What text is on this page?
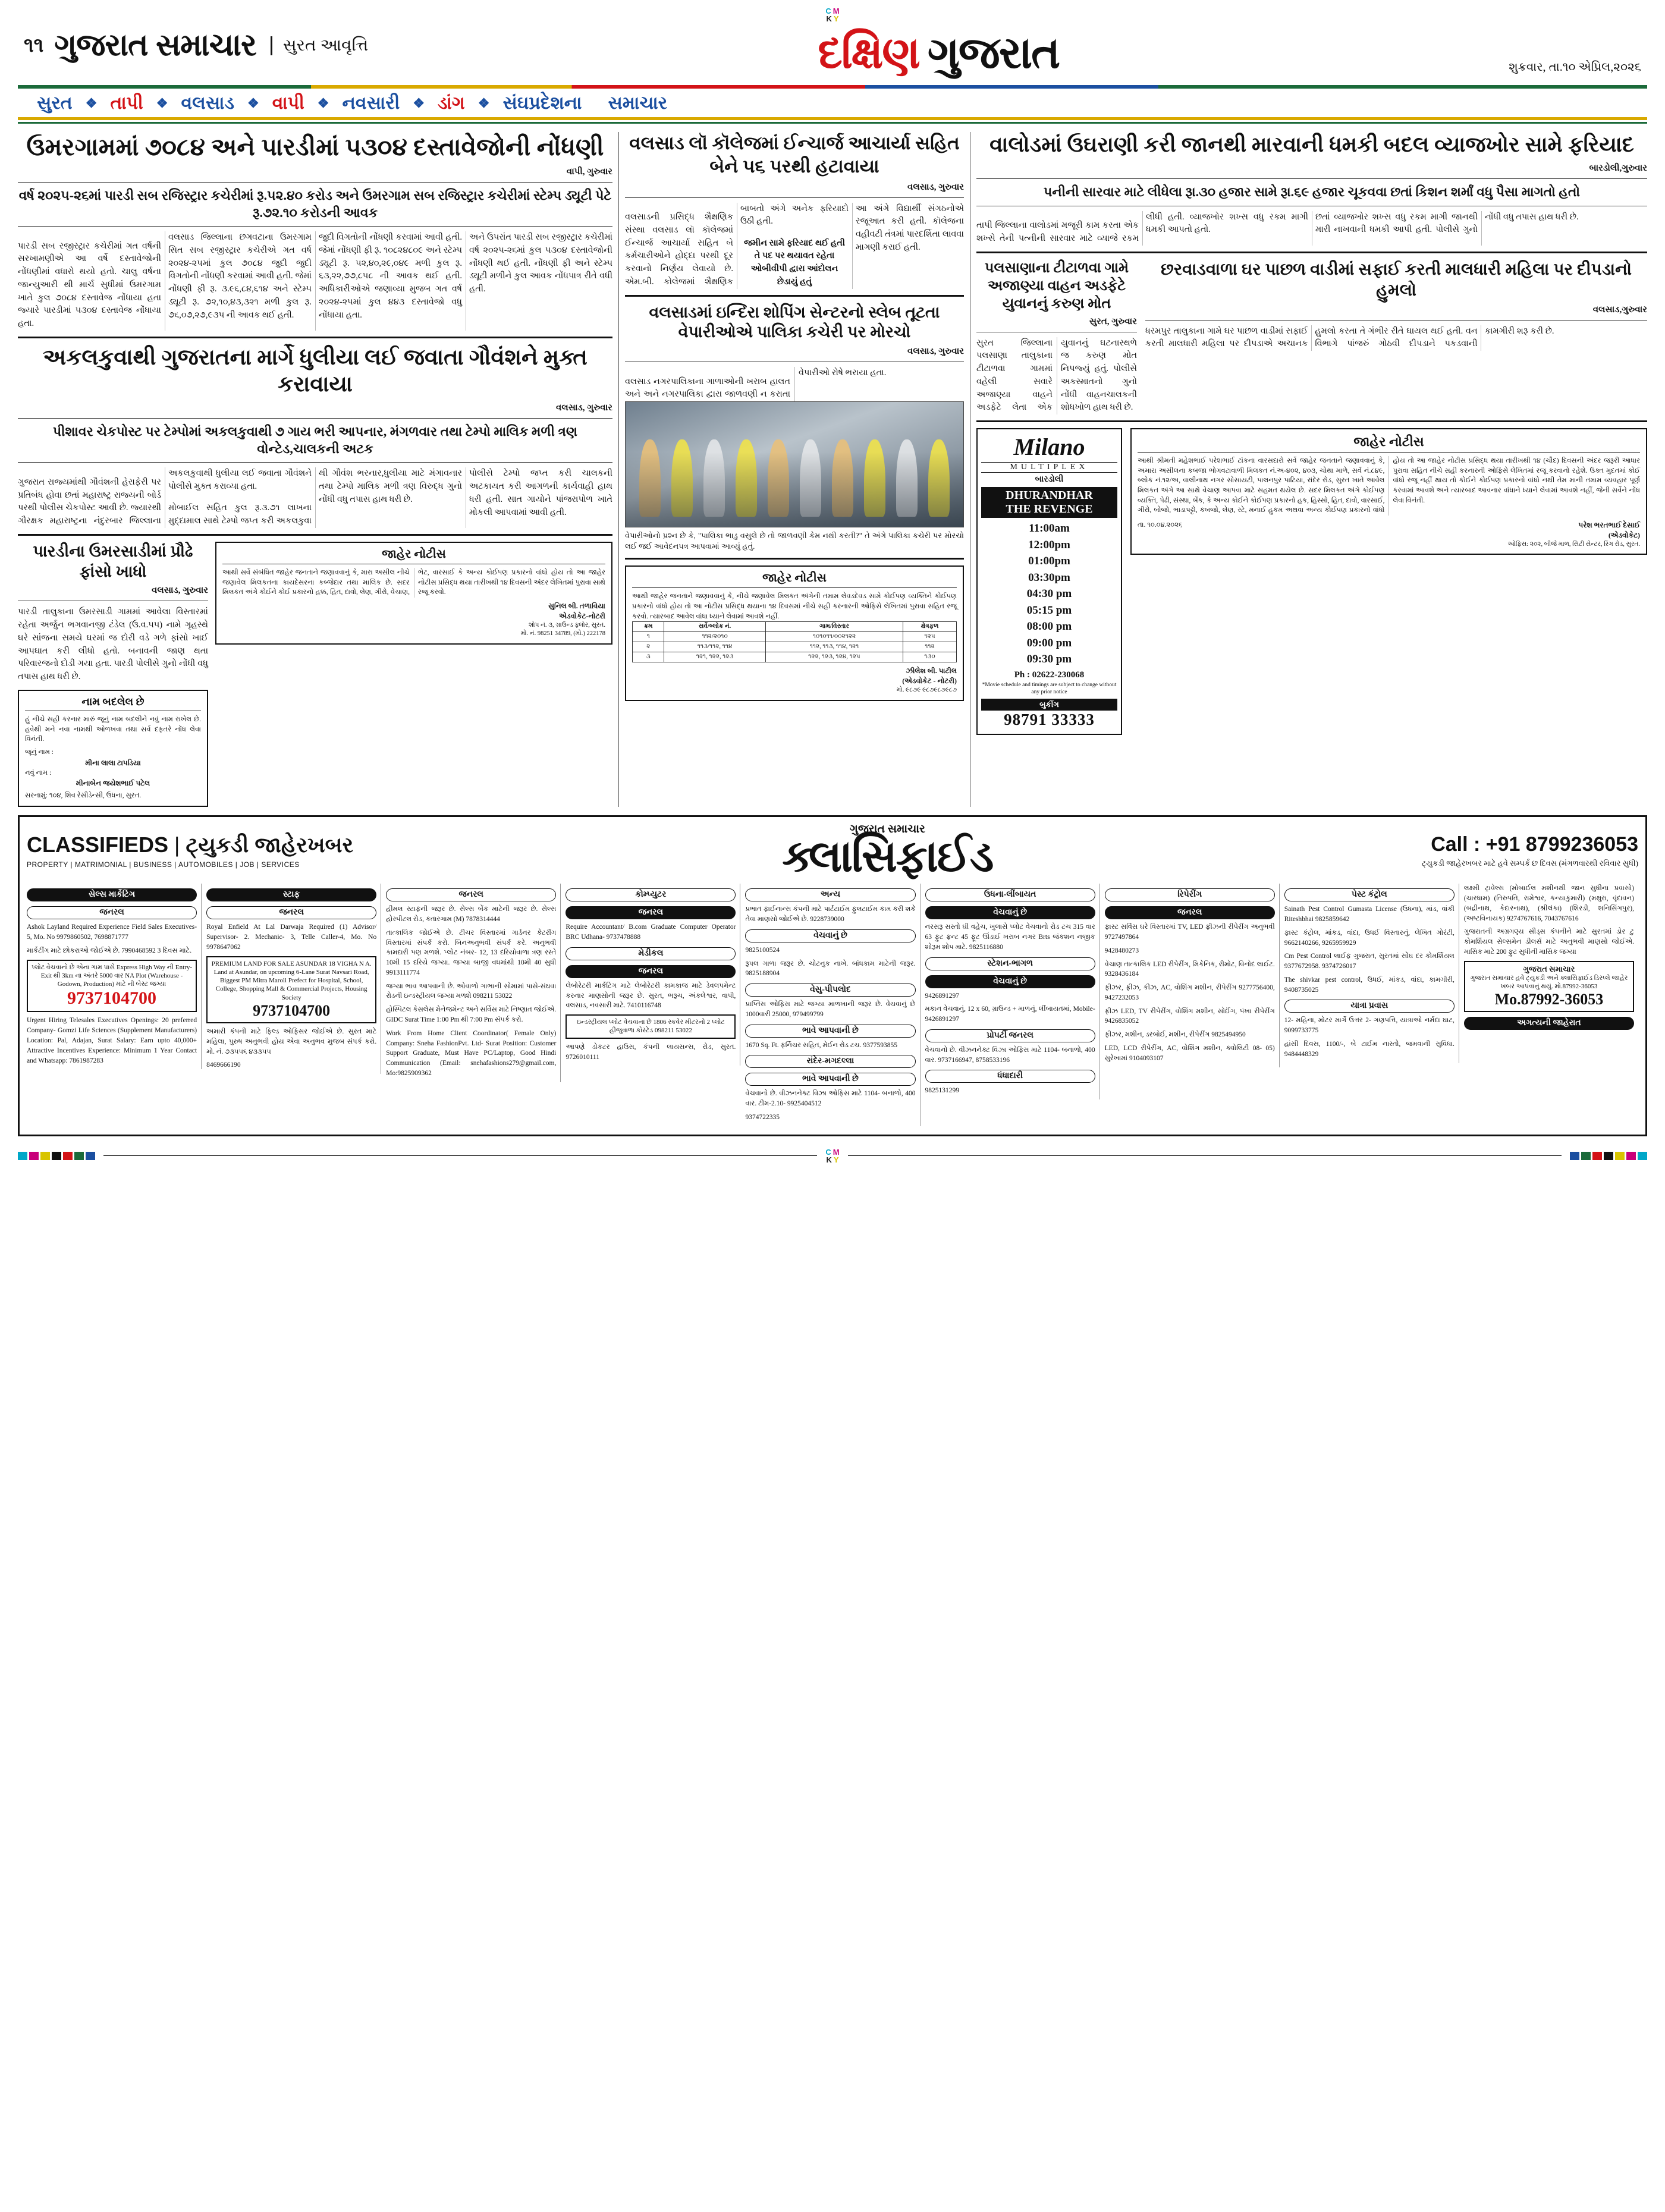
C M
K Y
૧૧ ગુજરાત સમાચાર	સુરત આવૃત્તિ	દક્ષિણ ગુજરાત	શુક્રવાર, તા.૧૦ એપ્રિલ,૨૦૨૬
સુરત	❖ તાપી	❖ વલસાડ	❖ વાપી	❖ નવસારી	❖ ડાંગ	❖ સંઘપ્રદેશના	સમાચાર
ઉમરગામમાં ૭૦૮૪ અને પારડીમાં ૫૩૦૪ દસ્તાવેજોની નોંધણી
વાપી, ગુરુવાર
વર્ષ ૨૦૨૫-૨૬માં પારડી સબ રજિસ્ટ્રાર કચેરીમાં રૂ.૫૨.૪૦ કરોડ અને ઉમરગામ સબ રજિસ્ટ્રાર કચેરીમાં સ્ટેમ્પ ડ્યૂટી પેટે રૂ.૭૨.૧૦ કરોડની આવક

પારડી સબ રજીસ્ટ્રાર કચેરીમાં ગત વર્ષની સરખામણીએ આ વર્ષે દસ્તાવેજોની નોંધણીમાં વધારો થયો હતો. ચાલુ વર્ષના જાન્યુઆરી થી માર્ચ સુધીમાં ઉમરગામ ખાતે કુલ ૭૦૮૪ દસ્તાવેજ નોંધાયા હતા જ્યારે પારડીમાં ૫૩૦૪ દસ્તાવેજ નોંધાયા હતા.

વલસાડ જિલ્લાના છગવટાના ઉમરગામ સિત સબ રજીસ્ટ્રાર કચેરીએ ગત વર્ષ ૨૦૨૪-૨૫માં કુલ ૭૦૮૪ જુદી જુદી વિગતોની નોંધણી કરવામાં આવી હતી. જેમાં નોંધણી ફી રૂ. ૩.૯૬,૮૪,૬૧૪ અને સ્ટેમ્પ ડ્યૂટી રૂ. ૭૨,૧૦,૪૩,૩૨૧ મળી કુલ રૂ. ૭૬,૦૭,૨૭,૯૩૫ ની આવક થઈ હતી.

જુદી વિગતોની નોંધણી કરવામાં આવી હતી. જેમાં નોંધણી ફી રૂ. ૧૦૮૨૪૮૦૯ અને સ્ટેમ્પ ડ્યૂટી રૂ. ૫૨,૪૦,૨૯,૦૪૯ મળી કુલ રૂ. ૬૩,૨૨,૭૭,૮૫૮ ની આવક થઈ હતી. અધિકારીઓએ જણાવ્યા મુજબ ગત વર્ષ ૨૦૨૪-૨૫માં કુલ ૪૪૩ દસ્તાવેજો વધુ નોંધાયા હતા.

અને ઉપરાંત પારડી સબ રજીસ્ટ્રાર કચેરીમાં વર્ષ ૨૦૨૫-૨૬માં કુલ ૫૩૦૪ દસ્તાવેજોની નોંધણી થઈ હતી. નોંધણી ફી અને સ્ટેમ્પ ડ્યૂટી મળીને કુલ આવક નોંધપાત્ર રીતે વધી હતી.

અકલકુવાથી ગુજરાતના માર્ગે ધુલીયા લઈ જવાતા ગૌવંશને મુક્ત કરાવાયા
વલસાડ, ગુરુવાર
પીશાવર ચેકપોસ્ટ પર ટેમ્પોમાં અકલકુવાથી ૭ ગાય ભરી આપનાર, મંગળવાર તથા ટેમ્પો માલિક મળી ત્રણ વોન્ટેડ,ચાલકની અટક

ગુજરાત રાજ્યમાંથી ગૌવંશની હેરાફેરી પર પ્રતિબંધ હોવા છતાં મહારાષ્ટ્ર રાજ્યની બોર્ડ પરથી પોલીસ ચેકપોસ્ટ આવી છે. જ્યારથી ગૌરક્ષક મહારાષ્ટ્રના નંદુરબાર જિલ્લાના અકલકુવાથી ધુલીયા લઈ જવાતા ગૌવંશને પોલીસે મુક્ત કરાવ્યા હતા.

મોબાઈલ સહિત કુલ રૂ.૩.૭૧ લાખના મુદ્દામાલ સાથે ટેમ્પો જપ્ત કરી અકલકુવા થી ગૌવંશ ભરનાર,ધુલીયા માટે મંગાવનાર તથા ટેમ્પો માલિક મળી ત્રણ વિરુદ્ધ ગુનો નોંધી વધુ તપાસ હાથ ધરી છે.

પોલીસે ટેમ્પો જપ્ત કરી ચાલકની અટકાયત કરી આગળની કાર્યવાહી હાથ ધરી હતી. સાત ગાયોને પાંજરાપોળ ખાતે મોકલી આપવામાં આવી હતી.

પારડીના ઉમરસાડીમાં પ્રૌઢે ફાંસો ખાધો
વલસાડ, ગુરુવાર
પારડી તાલુકાના ઉમરસાડી ગામમાં આવેલા વિસ્તારમાં રહેતા અર્જુન ભગવાનજી ટંડેલ (ઉ.વ.૫૫) નામે ગૃહસ્થે ઘરે સાંજના સમયે ઘરમાં જ દોરી વડે ગળે ફાંસો ખાઈ આપઘાત કરી લીધો હતો. બનાવની જાણ થતા પરિવારજનો દોડી ગયા હતા. પારડી પોલીસે ગુનો નોંધી વધુ તપાસ હાથ ધરી છે.
નામ બદલેલ છે
હું નીચે સહી કરનાર મારું જૂનું નામ બદલીને નવું નામ રાખેલ છે. હવેથી મને નવા નામથી ઓળખવા તથા સર્વ દફતરે નોંધ લેવા વિનંતી.
જૂનું નામ :
મીના લાલા ટાપડિયા
નવું નામ :
મીનાબેન જયેશભાઈ પટેલ
સરનામું: ૧૦૪, શિવ રેસીડેન્સી, ઉધના, સુરત.
જાહેર નોટીસ
આથી સર્વે સંબંધિત જાહેર જનતાને જણાવવાનું કે, મારા અસીલ નીચે જણાવેલ મિલકતના કાયદેસરના કબ્જેદાર તથા માલિક છે. સદર મિલકત અંગે કોઈને કોઈ પ્રકારનો હક્ક, હિત, દાવો, લેણ, ગીરો, વેચાણ, ભેટ, વારસાઈ કે અન્ય કોઈપણ પ્રકારનો વાંધો હોય તો આ જાહેર નોટીસ પ્રસિદ્ધ થયા તારીખથી ૧૪ દિવસની અંદર લેખિતમાં પુરાવા સાથે રજૂ કરવો.
સુનિલ બી. તળાવિયા
એડવોકેટ-નોટરી
શોપ નં. ૩, ગ્રાઉન્ડ ફ્લોર, સુરત.
મો. નં. 98251 34789, (મો.) 222178
વલસાડ લૉ કૉલેજમાં ઈન્ચાર્જ આચાર્યા સહિત બેને ૫૬ પરથી હટાવાયા
વલસાડ, ગુરુવાર

વલસાડની પ્રસિદ્ધ શૈક્ષણિક સંસ્થા વલસાડ લૉ કૉલેજમાં ઈન્ચાર્જ આચાર્યા સહિત બે કર્મચારીઓને હોદ્દા પરથી દૂર કરવાનો નિર્ણય લેવાયો છે. એમ.બી. કોલેજમાં શૈક્ષણિક બાબતો અંગે અનેક ફરિયાદો ઉઠી હતી.

જમીન સામે ફરિયાદ થઈ હતી તે પદ પર થયાવત રહેતા ઓબીવીપી દ્વારા આંદોલન છેડાયું હતું

આ અંગે વિદ્યાર્થી સંગઠનોએ રજૂઆત કરી હતી. કૉલેજના વહીવટી તંત્રમાં પારદર્શિતા લાવવા માગણી કરાઈ હતી.

વલસાડમાં ઇન્દિરા શોપિંગ સેન્ટરનો સ્લેબ તૂટતા વેપારીઓએ પાલિકા કચેરી પર મોરચો
વલસાડ, ગુરુવાર

વલસાડ નગરપાલિકાના ગાળાઓની ખરાબ હાલત અને અને નગરપાલિકા દ્વારા જાળવણી ન કરાતા વેપારીઓ રોષે ભરાયા હતા.

વેપારીઓનો પ્રશ્ન છે કે, "પાલિકા ભાડુ વસુલે છે તો જાળવણી કેમ નથી કરતી?" તે અંગે પાલિકા કચેરી પર મોરચો લઈ જઈ આવેદનપત્ર આપવામાં આવ્યું હતું.
જાહેર નોટીસ
આથી જાહેર જનતાને જણાવવાનું કે, નીચે જણાવેલ મિલકત અંગેની તમામ લેવડદેવડ સામે કોઈપણ વ્યક્તિને કોઈપણ પ્રકારનો વાંધો હોય તો આ નોટીસ પ્રસિદ્ધ થયાના ૧૪ દિવસમાં નીચે સહી કરનારની ઓફિસે લેખિતમાં પુરાવા સહિત રજૂ કરવો. ત્યારબાદ આવેલ વાંધા ધ્યાને લેવામાં આવશે નહીં.
ક્રમ	સર્વે/બ્લોક નં.	ગામ/વિસ્તાર	ક્ષેત્રફળ
૧	૧૧૨/૨૦૧૦	૧૦૧૦૧૧/૦૦૨૧૨૨	૧૨૫
૨	૧૧૩/૧૧૨, ૧૧૪	૧૧૨, ૧૧૩, ૧૧૪, ૧૨૧	૧૧૨
૩	૧૨૧, ૧૨૨, ૧૨૩	૧૨૨, ૧૨૩, ૧૨૪, ૧૨૫	૧૩૦
ઝીલેશ બી. પાટીલ
(એડવોકેટ - નોટરી)
મો. ૯૮૭૯ ૯૮૭૯૮૭૯૮૭
વાલોડમાં ઉઘરાણી કરી જાનથી મારવાની ધમકી બદલ વ્યાજખોર સામે ફરિયાદ
બારડોલી,ગુરુવાર
પનીની સારવાર માટે લીધેલા રૂા.૩૦ હજાર સામે રૂા.૬૯ હજાર ચૂકવવા છતાં કિશન શર્માં વધુ પૈસા માગતો હતો

તાપી જિલ્લાના વાલોડમાં મજૂરી કામ કરતા એક શખ્સે તેની પત્નીની સારવાર માટે વ્યાજે રકમ લીધી હતી. વ્યાજખોર શખ્સ વધુ રકમ માગી ધમકી આપતો હતો.

છતાં વ્યાજખોર શખ્સ વધુ રકમ માગી જાનથી મારી નાખવાની ધમકી આપી હતી. પોલીસે ગુનો નોંધી વધુ તપાસ હાથ ધરી છે.

પલસાણાના ટીટાળવા ગામે અજાણ્યા વાહન અડફેટે યુવાનનું કરુણ મોત
સુરત, ગુરુવાર
સુરત જિલ્લાના પલસાણા તાલુકાના ટીટાળવા ગામમાં વહેલી સવારે અજાણ્યા વાહને અડફેટે લેતા એક યુવાનનું ઘટનાસ્થળે જ કરુણ મોત નિપજ્યું હતું. પોલીસે અકસ્માતનો ગુનો નોંધી વાહનચાલકની શોધખોળ હાથ ધરી છે.
છરવાડવાળા ઘર પાછળ વાડીમાં સફાઈ કરતી માલધારી મહિલા પર દીપડાનો હુમલો
વલસાડ,ગુરુવાર
ધરમપુર તાલુકાના ગામે ઘર પાછળ વાડીમાં સફાઈ કરતી માલધારી મહિલા પર દીપડાએ અચાનક હુમલો કરતા તે ગંભીર રીતે ઘાયલ થઈ હતી. વન વિભાગે પાંજરું ગોઠવી દીપડાને પકડવાની કામગીરી શરૂ કરી છે.
Milano
MULTIPLEX
બારડોલી
DHURANDHAR
THE REVENGE
11:00am
12:00pm
01:00pm
03:30pm
04:30 pm
05:15 pm
08:00 pm
09:00 pm
09:30 pm
Ph : 02622-230068
*Movie schedule and timings are subject to change without any prior notice
બુકીંગ
98791 33333
જાહેર નોટીસ
આથી શ્રીમતી મહેશભાઈ પરેશભાઈ ટાંકના વારસદારો સર્વે જાહેર જનતાને જણાવવાનું કે, અમારા અસીલના કબજા ભોગવટાવાળી મિલકત નં.અ-૪૦૨, ૪૦૩, ચોથા માળે, સર્વે નં.૮૪૯, બ્લોક નં.૧૨/અ, વાલીનાથ નગર સોસાયટી, પાલનપુર પાટિયા, રાંદેર રોડ, સુરત ખાતે આવેલ મિલકત અંગે આ સાથે વેચાણ આપવા માટે સહમત થયેલ છે. સદર મિલકત અંગે કોઈપણ વ્યક્તિ, પેઢી, સંસ્થા, બેંક, કે અન્ય કોઈને કોઈપણ પ્રકારનો હક, હિસ્સો, હિત, દાવો, વારસાઈ, ગીરો, બોજો, ભાડાપટ્ટો, કબજો, લેણ, સ્ટે, મનાઈ હુકમ અથવા અન્ય કોઈપણ પ્રકારનો વાંધો હોય તો આ જાહેર નોટીસ પ્રસિદ્ધ થયા તારીખથી ૧૪ (ચૌદ) દિવસની અંદર જરૂરી આધાર પુરાવા સહિત નીચે સહી કરનારની ઓફિસે લેખિતમાં રજૂ કરવાનો રહેશે. ઉક્ત મુદતમાં કોઈ વાંધો રજૂ નહીં થાય તો કોઈને કોઈપણ પ્રકારનો વાંધો નથી તેમ માની તમામ વ્યવહાર પૂર્ણ કરવામાં આવશે અને ત્યારબાદ આવનાર વાંધાને ધ્યાને લેવામાં આવશે નહીં, જેની સર્વેને નોંધ લેવા વિનંતી.
તા. ૧૦.૦૪.૨૦૨૬	પરેશ ભરતભાઈ દેસાઈ
(એડવોકેટ)
ઓફિસ: ૨૦૨, બીજે માળ, સિટી સેન્ટર, રિંગ રોડ, સુરત.
CLASSIFIEDS | ટ્યુકડી જાહેરખબર
PROPERTY | MATRIMONIAL | BUSINESS | AUTOMOBILES | JOB | SERVICES
ગુજરાત સમાચાર
ક્લાસિફાઈડ	Call : +91 8799236053
ટ્યુકડી જાહેરખબર માટે હવે સમ્પર્ક છ દિવસ (મંગળવારથી રવિવાર સુધી)
સેલ્સ માર્કેટિંગ
જનરલ
Ashok Layland Required Experience Field Sales Executives- 5, Mo. No 9979860502, 7698871777
માર્કેટીંગ માટે છોકરાઓ જોઈએ છે. 7990468592 3 દિવસ માટે.
પ્લોટ વેચવાનો છે એના ગામ પાસે Express High Way ની Entry-Exit થી 3km ના અંતરે 5000 વાર NA Plot (Warehouse - Godown, Production) માટે ની બેસ્ટ જગ્યા
9737104700
Urgent Hiring Telesales Executives Openings: 20 preferred Company- Gomzi Life Sciences (Supplement Manufacturers) Location: Pal, Adajan, Surat Salary: Earn upto 40,000+ Attractive Incentives Experience: Minimum 1 Year Contact and Whatsapp: 7861987283
સ્ટાફ
જનરલ
Royal Enfield At Lal Darwaja Required (1) Advisor/ Supervisor- 2. Mechanic- 3, Telle Caller-4, Mo. No 9978647062
PREMIUM LAND FOR SALE ASUNDAR 18 VIGHA N A. Land at Asundar, on upcoming 6-Lane Surat Navsari Road, Biggest PM Mitra Maroli Prefect for Hospital, School, College, Shopping Mall & Commercial Projects, Housing Society
9737104700
અમારી કંપની માટે ફિલ્ડ ઓફિસર જોઈએ છે. સુરત માટે મહિલા, પુરુષ અનુભવી હોય એવા અનુભવ મુજબ સંપર્ક કરો. મો. નં. ૭૩૫૫૬ ૪૩૩૫૫
8469666190
જનરલ
હીમલ સ્ટાફની જરૂર છે. સેલ્સ બેંક માટેની જરૂર છે. સેલ્સ હોસ્પીટલ રોડ, કતારગામ (M) 7878314444
તાત્કાલિક જોઈએ છે. ટીચર વિસ્તારમાં ગાર્ડનર કેટરીંગ વિસ્તારમાં સંપર્ક કરો. બિનઅનુભવી સંપર્ક કરે. અનુભવી કામદારી પણ મળશે. પ્લોટ નંબર- 12, 13 દરિયોવાળા ત્રણ રસ્તે 10મી 15 દરિયે જગ્યા. જગ્યા બાજી વધમાંથી 10મી 40 સુધી 9913111774
જગ્યા ભાવ આપવાની છે. ઓવાળો ગાભાની સોમામાં પાસે-સંઘવા રોડની ઇન્ડસ્ટ્રીયલ જગ્યા મળશે 098211 53022
હોસ્પિટલ કેસલેસ મેનેજમેન્ટ અને સર્વિસ માટે નિષ્ણાત જોઈએ. GIDC Surat Time 1:00 Pm થી 7:00 Pm સંપર્ક કરો.
Work From Home Client Coordinator( Female Only) Company: Sneha FashionPvt. Ltd- Surat Position: Customer Support Graduate, Must Have PC/Laptop, Good Hindi Communication (Email: snehafashions279@gmail.com, Mo:9825909362
કોમ્પ્યુટર
જનરલ
Require Accountant/ B.com Graduate Computer Operator BRC Udhana- 9737478888
મેડીકલ
જનરલ
લેબોરેટરી માર્કેટિંગ માટે લેબોરેટરી કામકાજ માટે ડેવલપમેન્ટ કરનાર માણસોની જરૂર છે. સુરત, ભરૂચ, અંકલેશ્વર, વાપી, વલસાડ, નવસારી માટે. 7410116748
ઇન્ડસ્ટ્રીયલ પ્લોટ વેચવાના છે 1806 સ્કવેર મીટરનો 2 પ્લોટ હીજુવાળા કોસ્ટેડ 098211 53022
આપણે ડોકટર હાઉસ, કંપની લાયસન્સ, રોડ, સુરત. 9726010111
અન્ય
પ્રભાત ફાઈનાન્સ કંપની માટે પાર્ટટાઈમ ફુલટાઈમ કામ કરી શકે તેવા માણસો જોઈએ છે. 9228739000
વેચવાનું છે
9825100524
રૂપલ ગાળા જરૂર છે. ચોટનુક નાખે. બાંધકામ માટેની જરૂર. 9825188904
વેસુ-પીપલોદ
પ્રાપ્તિસ ઓફિસ માટે જગ્યા માળખાની જરૂર છે. વેચવાનું છે 1000વારી 25000, 979499799
ભાવે આપવાની છે
1670 Sq. Ft. ફર્નિચર સહિત, મેઈન રોડ ટચ. 9377593855
રાંદેર-મગદલ્લા
ભાવે આપવાની છે
વેચવાનો છે. વીઝનનેક્ટ વિઝા ઓફિસ માટે 1104- બનાળો, 400 વાર. ટીમ-2.10- 9925404512
9374722335
ઉધના-લીંબાયત
વેચવાનું છે
નરસરૂ સસ્તો ઘી વહેચ, ખુલાસે પ્લોટ વેચવાનો રોડ ટચ 315 વાર 63 ફુટ ફ્રન્ટ 45 ફૂટ ઊંડાઈ ખરાબ નગર Brts જંકશન નજીક શોરૂમ શોપ માટે. 9825116880
સ્ટેશન-ભાગળ
વેચવાનું છે
9426891297
મકાન વેચવાનું, 12 x 60, ગ્રાઉન્ડ + માળનું, લીંબાયતમાં, Mobile- 9426891297
પ્રોપર્ટી જનરલ
વેચવાનો છે. વીઝનનેક્ટ વિઝા ઓફિસ માટે 1104- બનાળો, 400 વાર. 9737166947, 8758533196
ધંધાદારી
9825131299
રિપેરીંગ
જનરલ
ફાસ્ટ સર્વિસ ઘરે વિસ્તારમાં TV, LED ફ્રીઝની રીપેરીંગ અનુભવી 9727497864
9428480273
વેચાણ તાત્કાલિક LED રીપેરીંગ, મિકેનિક, રીમોટ, વિનોદ લાઈટ. 9328436184
ફીઝર, ફ્રીઝ, કીઝ, AC, વોશિંગ મશીન, રીપેરીંગ 9277756400, 9427232053
ફ્રીઝ LED, TV રીપેરીંગ, વોશિંગ મશીન, સોઈંગ, પંખા રીપેરીંગ 9426835052
ફીઝર, મશીન, ડરબોઈ, મશીન, રીપેરીંગ 9825494950
LED, LCD રીપેરીંગ, AC, વોશિંગ મશીન, ક્વોલિટી 08- 05) સુરેખામાં 9104093107
પેસ્ટ કંટ્રોલ
Sainath Pest Control Gumasta License (ઉધના), માંડ, વાંકી Riteshbhai 9825859642
ફાસ્ટ કંટ્રોલ, માંકડ, વાંદા, ઉધઈ વિસ્તારનું, લેખિત ગોરંટી, 9662140266, 9265959929
Cm Pest Control લાઈફ ગુજરાત, સુરતમાં સોંઘ દર કોમર્શિયલ 9377672958. 9374726017
The shivkar pest control, ઉધઈ, માંકડ, વાંદા, કામગીરી, 9408735025
યાત્રા પ્રવાસ
12- મહિના, મોટર માર્ગે ઉત્તર 2- ગણપત્તિ, યાત્રાઓ નર્મદા ઘાટ, 9099733775
હાંસી દિવસ, 1100/-, બે ટાઈમ નાસ્તો, જમવાની સુવિધા. 9484448329
લક્ષ્મી ટ્રાવેલ્સ (મોબાઈલ મશીનથી જાન સુધીના પ્રવાસો) (ચારધામ) (તિરુપતિ, રામેશ્વર, કન્યાકુમારી) (મથુરા, વૃંદાવન) (બદ્રીનાથ, કેદારનાથ), (શ્રીલંકા) (શિરડી, શનિસિંગપુર), (અષ્ટવિનાયક) 9274767616, 7043767616
ગુજરાતની અગ્રગણ્ય સીડ્સ કંપનીને માટે સુરતમાં ડોર ટુ કોમર્શિયલ સેલ્સમેન ડીલર્સ માટે અનુભવી માણસો જોઈએ. માસિક માટે 200 ફુટ સુધીની માસિક જગ્યા
ગુજરાત સમાચાર
ગુજરાત સમાચાર હવે ટ્યુકડી અને ક્લાસિફાઈડ ડિસ્પ્લે જાહેર ખબર આપવાનું થયું. મો.87992-36053
Mo.87992-36053
અગત્યની જાહેરાત
C M
K Y
